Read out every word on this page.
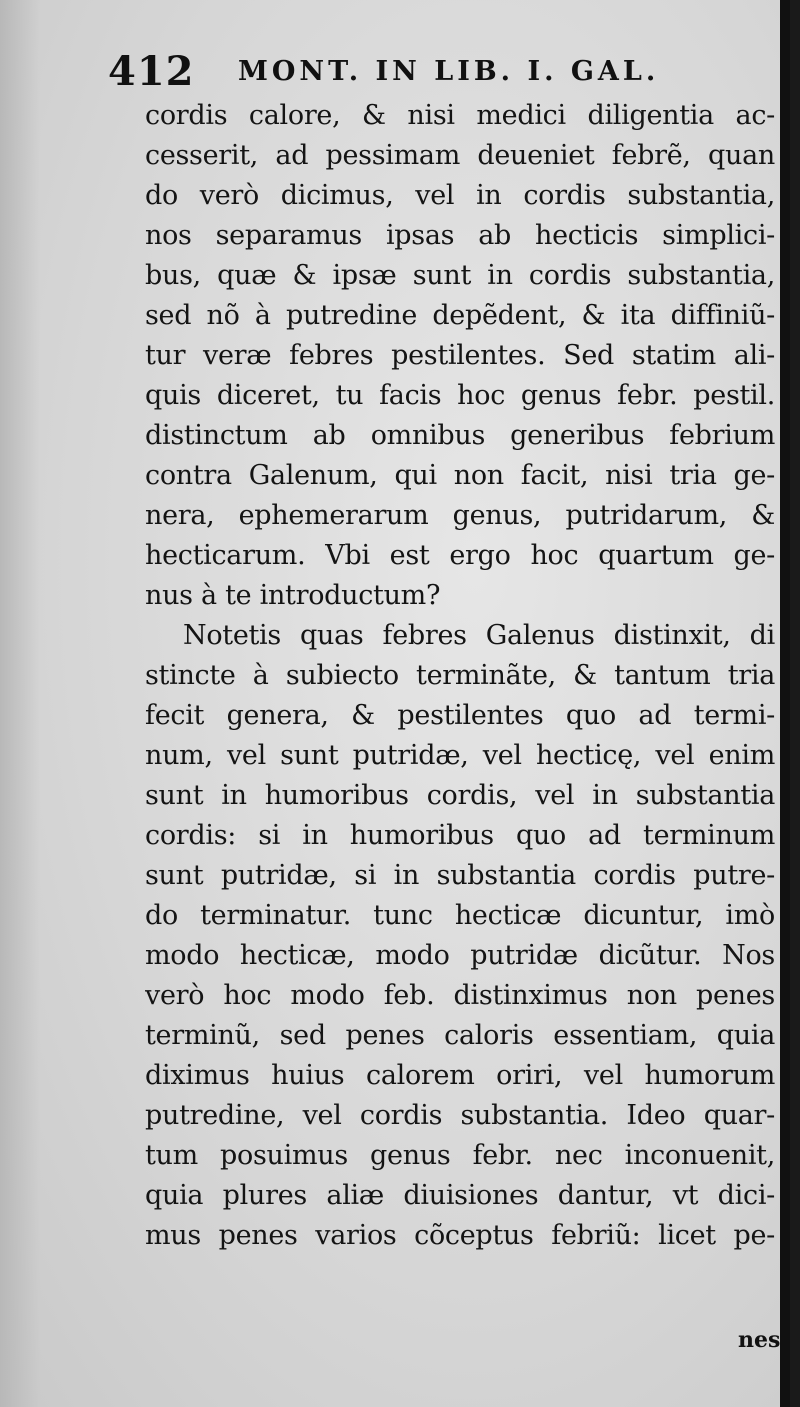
412 MONT. IN LIB. I. GAL.
cordis calore, & nisi medici diligentia ac-
cesserit, ad pessimam deueniet febrẽ, quan
do verò dicimus, vel in cordis substantia,
nos separamus ipsas ab hecticis simplici-
bus, quæ & ipsæ sunt in cordis substantia,
sed nõ à putredine depẽdent, & ita diffiniũ-
tur veræ febres pestilentes. Sed statim ali-
quis diceret, tu facis hoc genus febr. pestil.
distinctum ab omnibus generibus febrium
contra Galenum, qui non facit, nisi tria ge-
nera, ephemerarum genus, putridarum, &
hecticarum. Vbi est ergo hoc quartum ge-
nus à te introductum?
Notetis quas febres Galenus distinxit, di
stincte à subiecto terminãte, & tantum tria
fecit genera, & pestilentes quo ad termi-
num, vel sunt putridæ, vel hecticę, vel enim
sunt in humoribus cordis, vel in substantia
cordis: si in humoribus quo ad terminum
sunt putridæ, si in substantia cordis putre-
do terminatur. tunc hecticæ dicuntur, imò
modo hecticæ, modo putridæ dicũtur. Nos
verò hoc modo feb. distinximus non penes
terminũ, sed penes caloris essentiam, quia
diximus huius calorem oriri, vel humorum
putredine, vel cordis substantia. Ideo quar-
tum posuimus genus febr. nec inconuenit,
quia plures aliæ diuisiones dantur, vt dici-
mus penes varios cõceptus febriũ: licet pe-
nes
